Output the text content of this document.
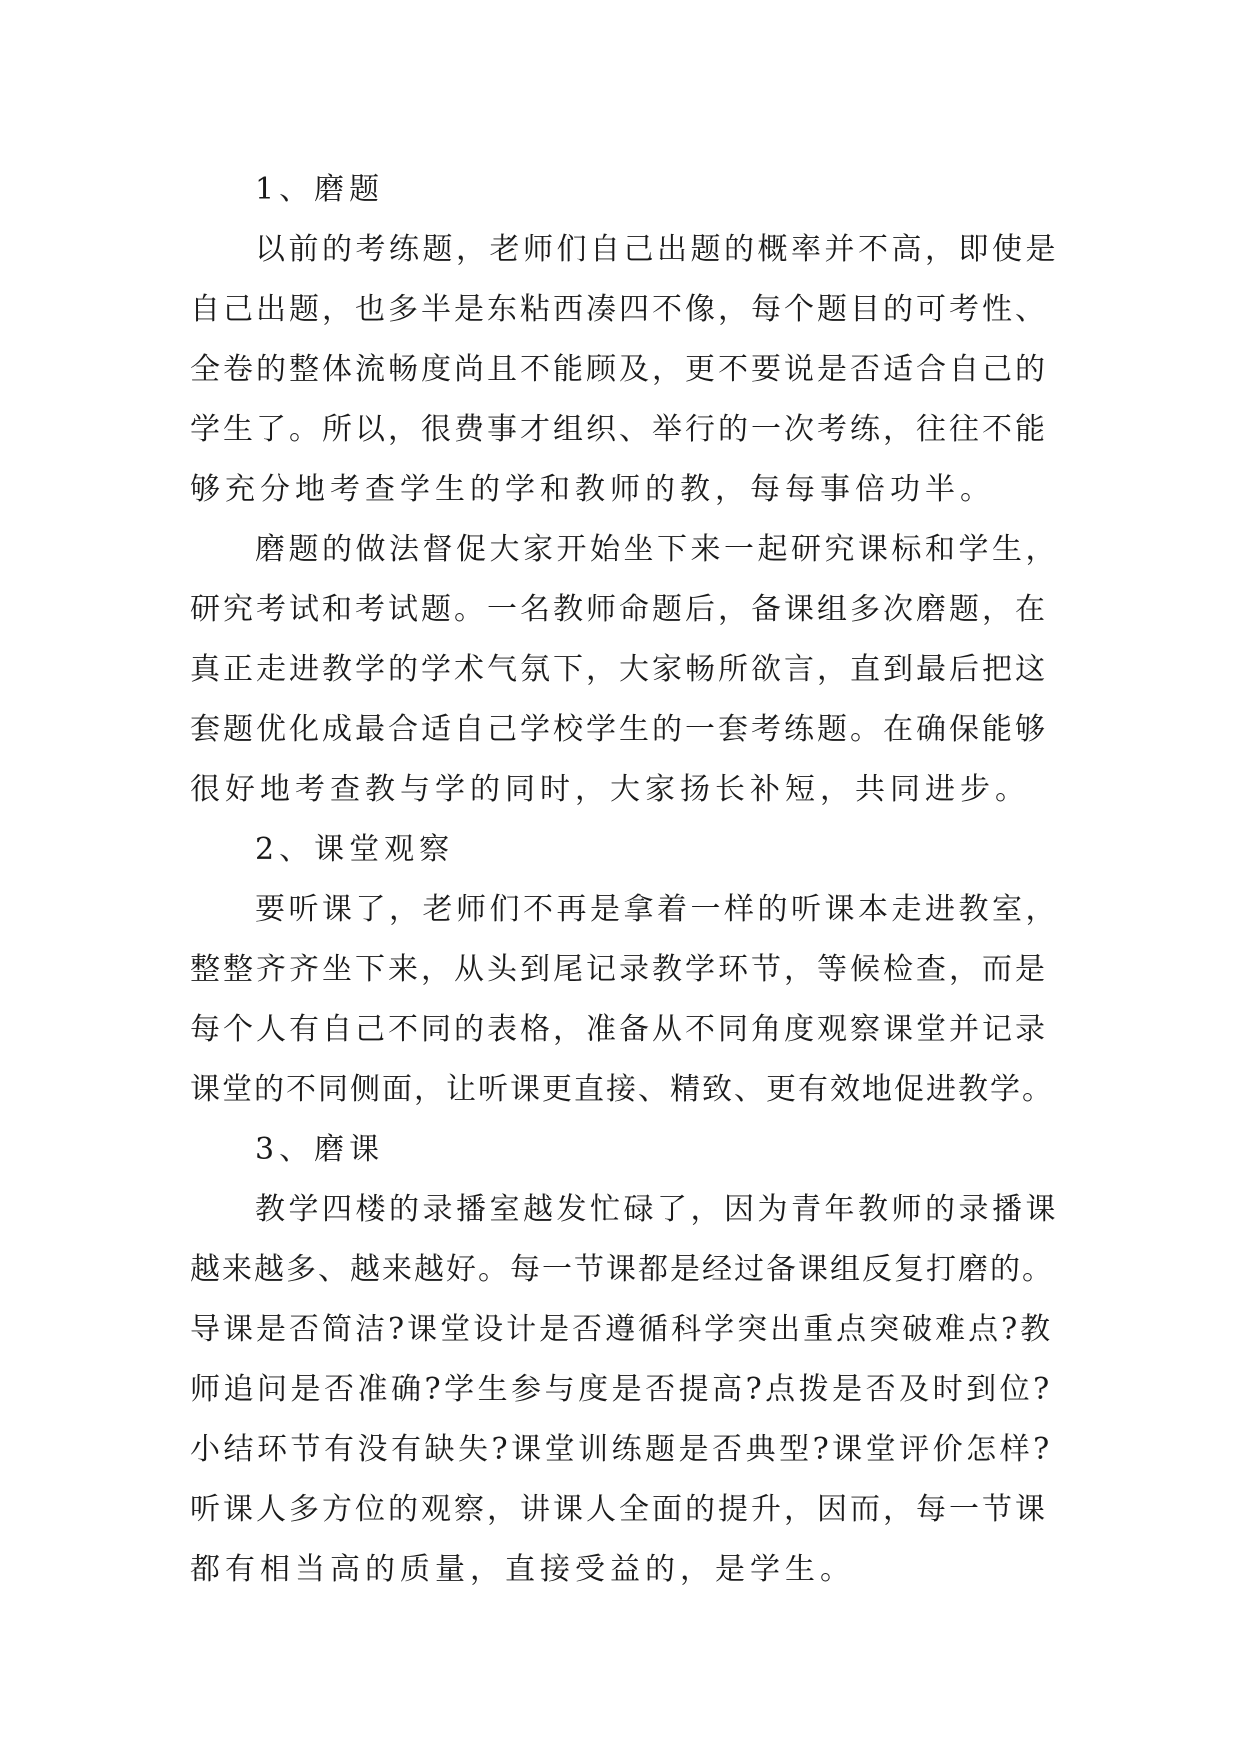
1、磨题
以前的考练题，老师们自己出题的概率并不高，即使是
自己出题，也多半是东粘西凑四不像，每个题目的可考性、
全卷的整体流畅度尚且不能顾及，更不要说是否适合自己的
学生了。所以，很费事才组织、举行的一次考练，往往不能
够充分地考查学生的学和教师的教，每每事倍功半。
磨题的做法督促大家开始坐下来一起研究课标和学生，
研究考试和考试题。一名教师命题后，备课组多次磨题，在
真正走进教学的学术气氛下，大家畅所欲言，直到最后把这
套题优化成最合适自己学校学生的一套考练题。在确保能够
很好地考查教与学的同时，大家扬长补短，共同进步。
2、课堂观察
要听课了，老师们不再是拿着一样的听课本走进教室，
整整齐齐坐下来，从头到尾记录教学环节，等候检查，而是
每个人有自己不同的表格，准备从不同角度观察课堂并记录
课堂的不同侧面，让听课更直接、精致、更有效地促进教学。
3、磨课
教学四楼的录播室越发忙碌了，因为青年教师的录播课
越来越多、越来越好。每一节课都是经过备课组反复打磨的。
导课是否简洁?课堂设计是否遵循科学突出重点突破难点?教
师追问是否准确?学生参与度是否提高?点拨是否及时到位?
小结环节有没有缺失?课堂训练题是否典型?课堂评价怎样?
听课人多方位的观察，讲课人全面的提升，因而，每一节课
都有相当高的质量，直接受益的，是学生。
